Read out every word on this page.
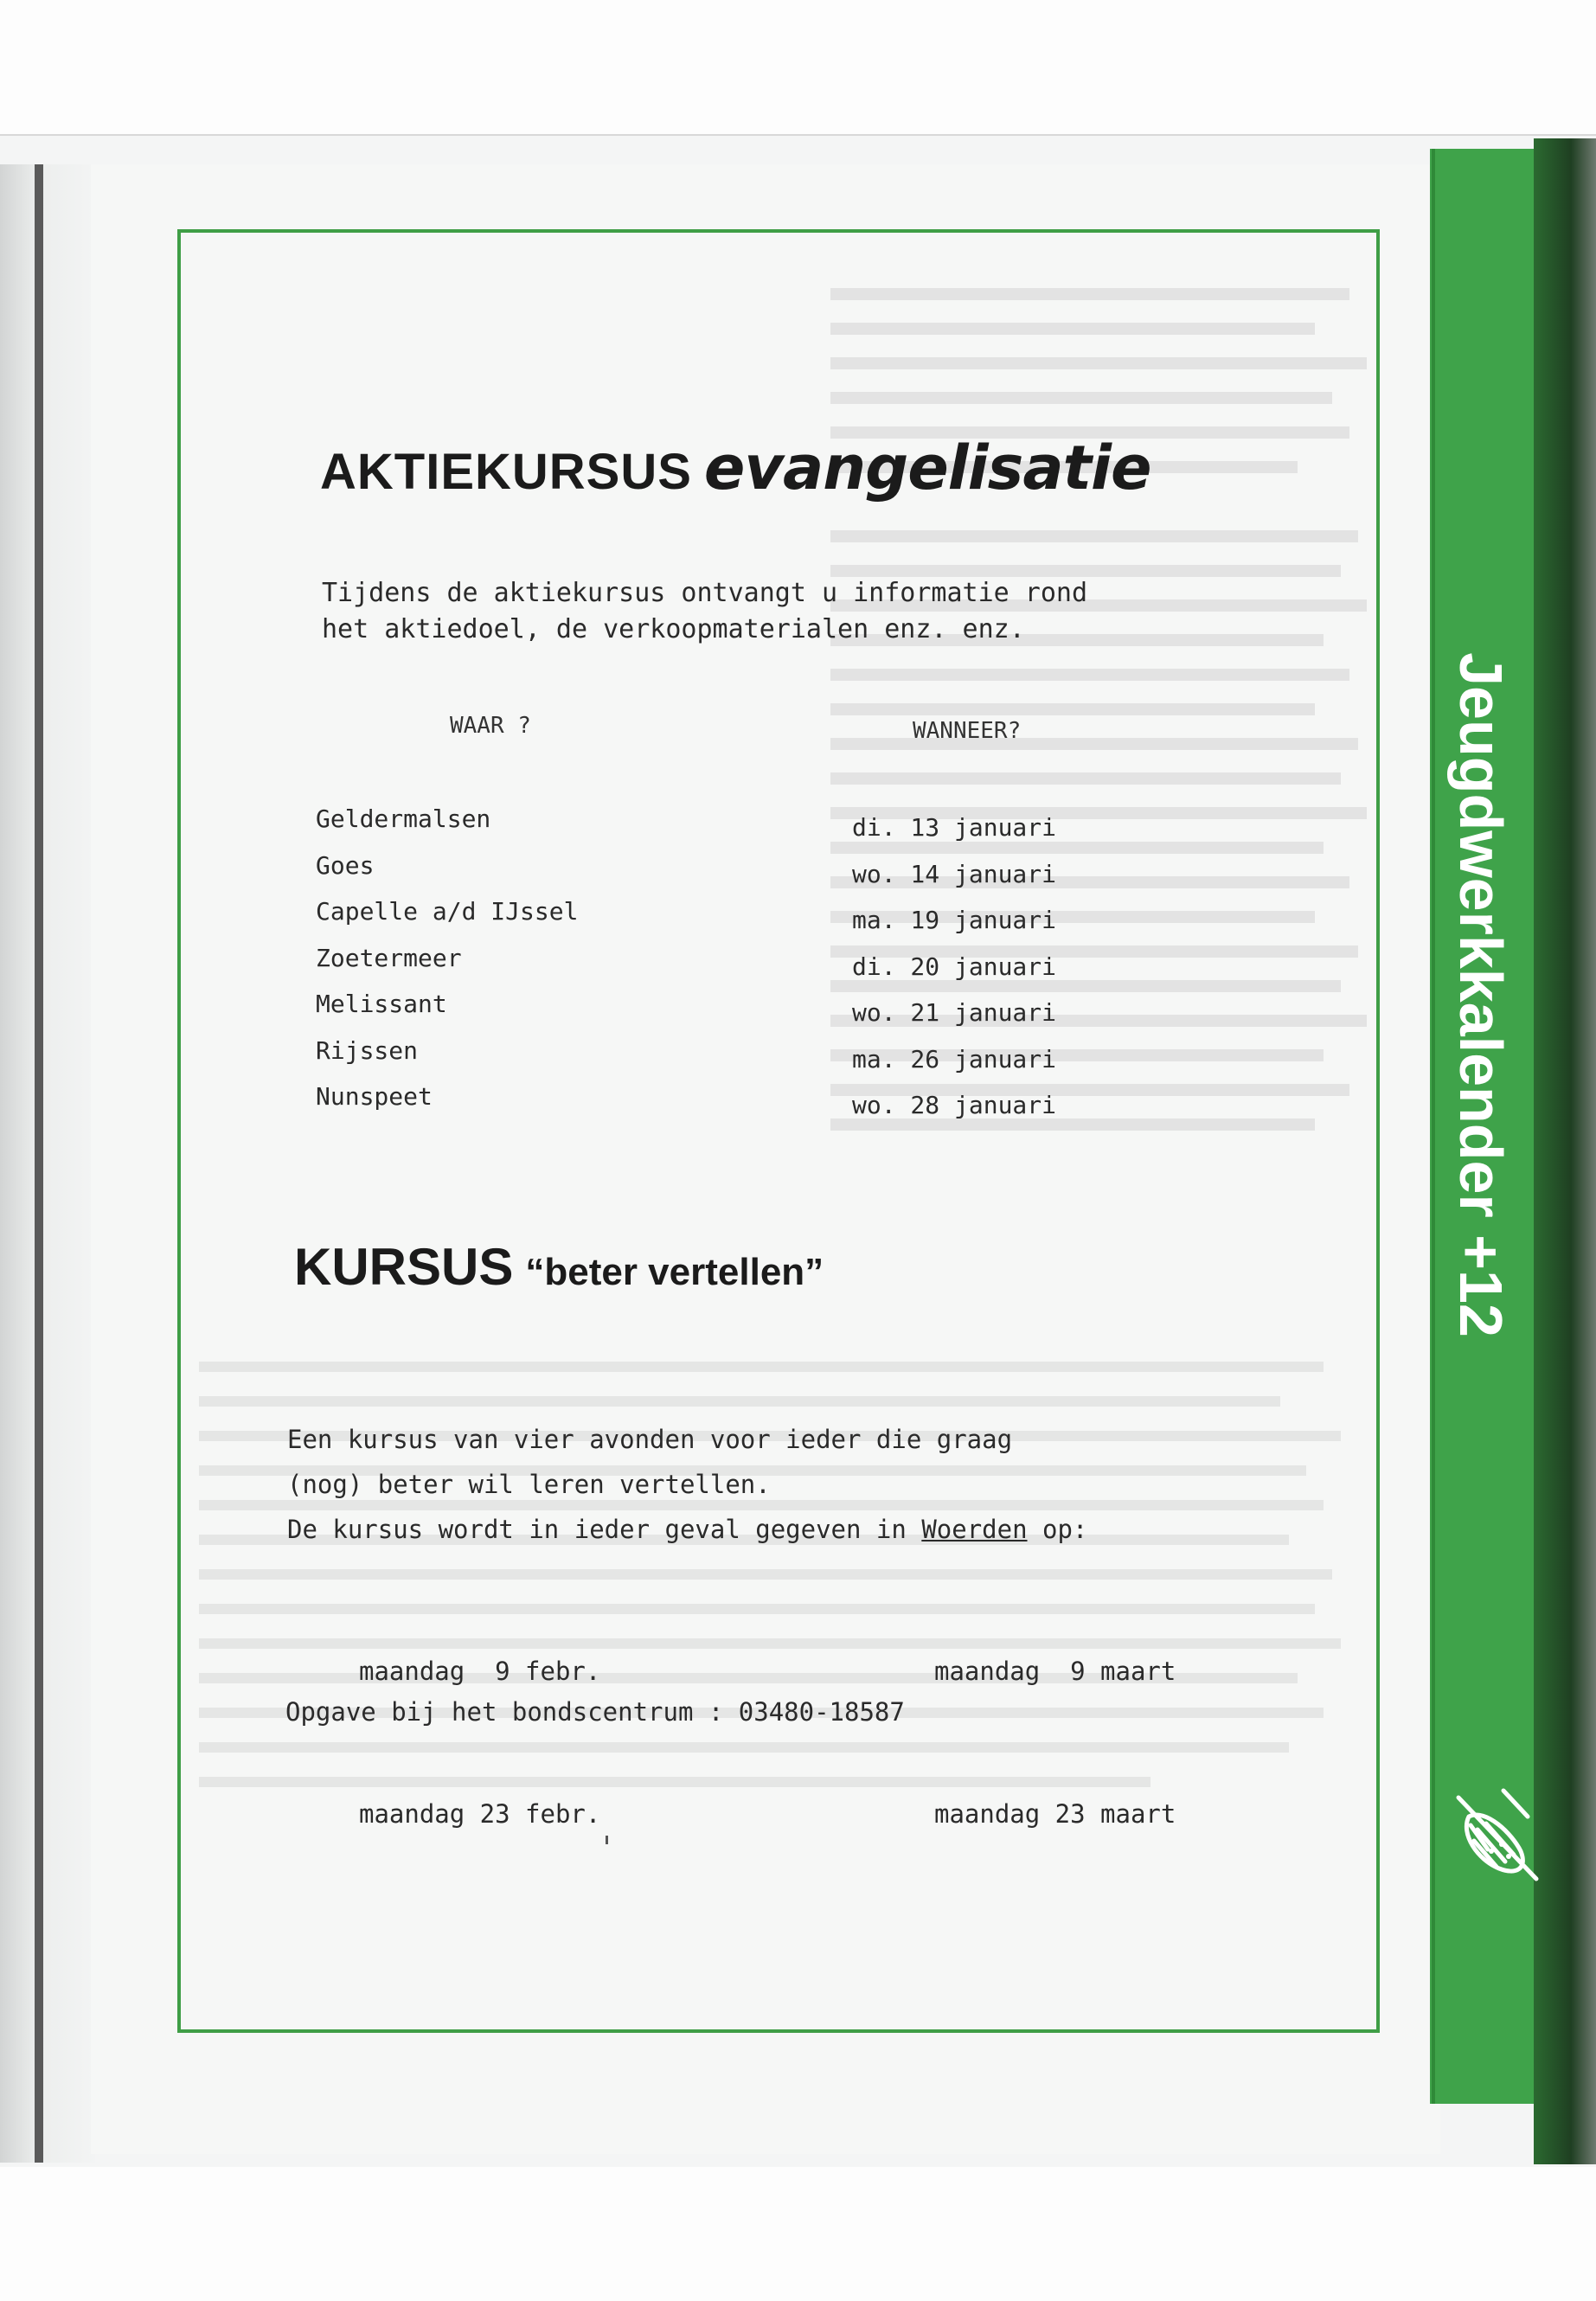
AKTIEKURSUS evangelisatie

Tijdens de aktiekursus ontvangt u informatie rond
het aktiedoel, de verkoopmaterialen enz. enz.

WAAR ?	WANNEER?

Geldermalsen
Goes
Capelle a/d IJssel
Zoetermeer
Melissant
Rijssen
Nunspeet
di. 13 januari
wo. 14 januari
ma. 19 januari
di. 20 januari
wo. 21 januari
ma. 26 januari
wo. 28 januari
KURSUS “beter vertellen”

Een kursus van vier avonden voor ieder die graag
(nog) beter wil leren vertellen.
De kursus wordt in ieder geval gegeven in Woerden op:

maandag  9 febr.

maandag 23 febr.

maandag  9 maart

maandag 23 maart

Opgave bij het bondscentrum : 03480-18587

Jeugdwerkkalender +12
